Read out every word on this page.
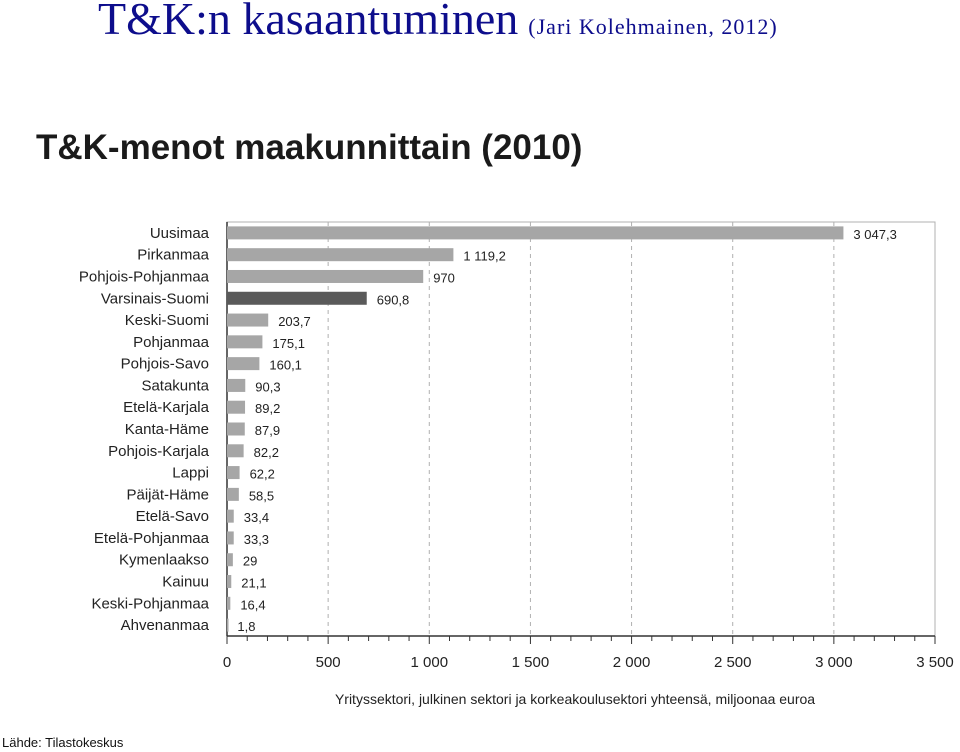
T&K:n kasaantuminen (Jari Kolehmainen, 2012)
T&K-menot maakunnittain (2010)
0	500	1 000	1 500	2 000	2 500	3 000	3 500
Uusimaa	3 047,3
Pirkanmaa	1 119,2
Pohjois-Pohjanmaa	970
Varsinais-Suomi	690,8
Keski-Suomi	203,7
Pohjanmaa	175,1
Pohjois-Savo	160,1
Satakunta	90,3
Etelä-Karjala	89,2
Kanta-Häme	87,9
Pohjois-Karjala	82,2
Lappi	62,2
Päijät-Häme	58,5
Etelä-Savo	33,4
Etelä-Pohjanmaa	33,3
Kymenlaakso	29
Kainuu 21,1
Keski-Pohjanmaa 16,4
Ahvenanmaa 1,8
Yrityssektori, julkinen sektori ja korkeakoulusektori yhteensä, miljoonaa euroa
Lähde: Tilastokeskus
